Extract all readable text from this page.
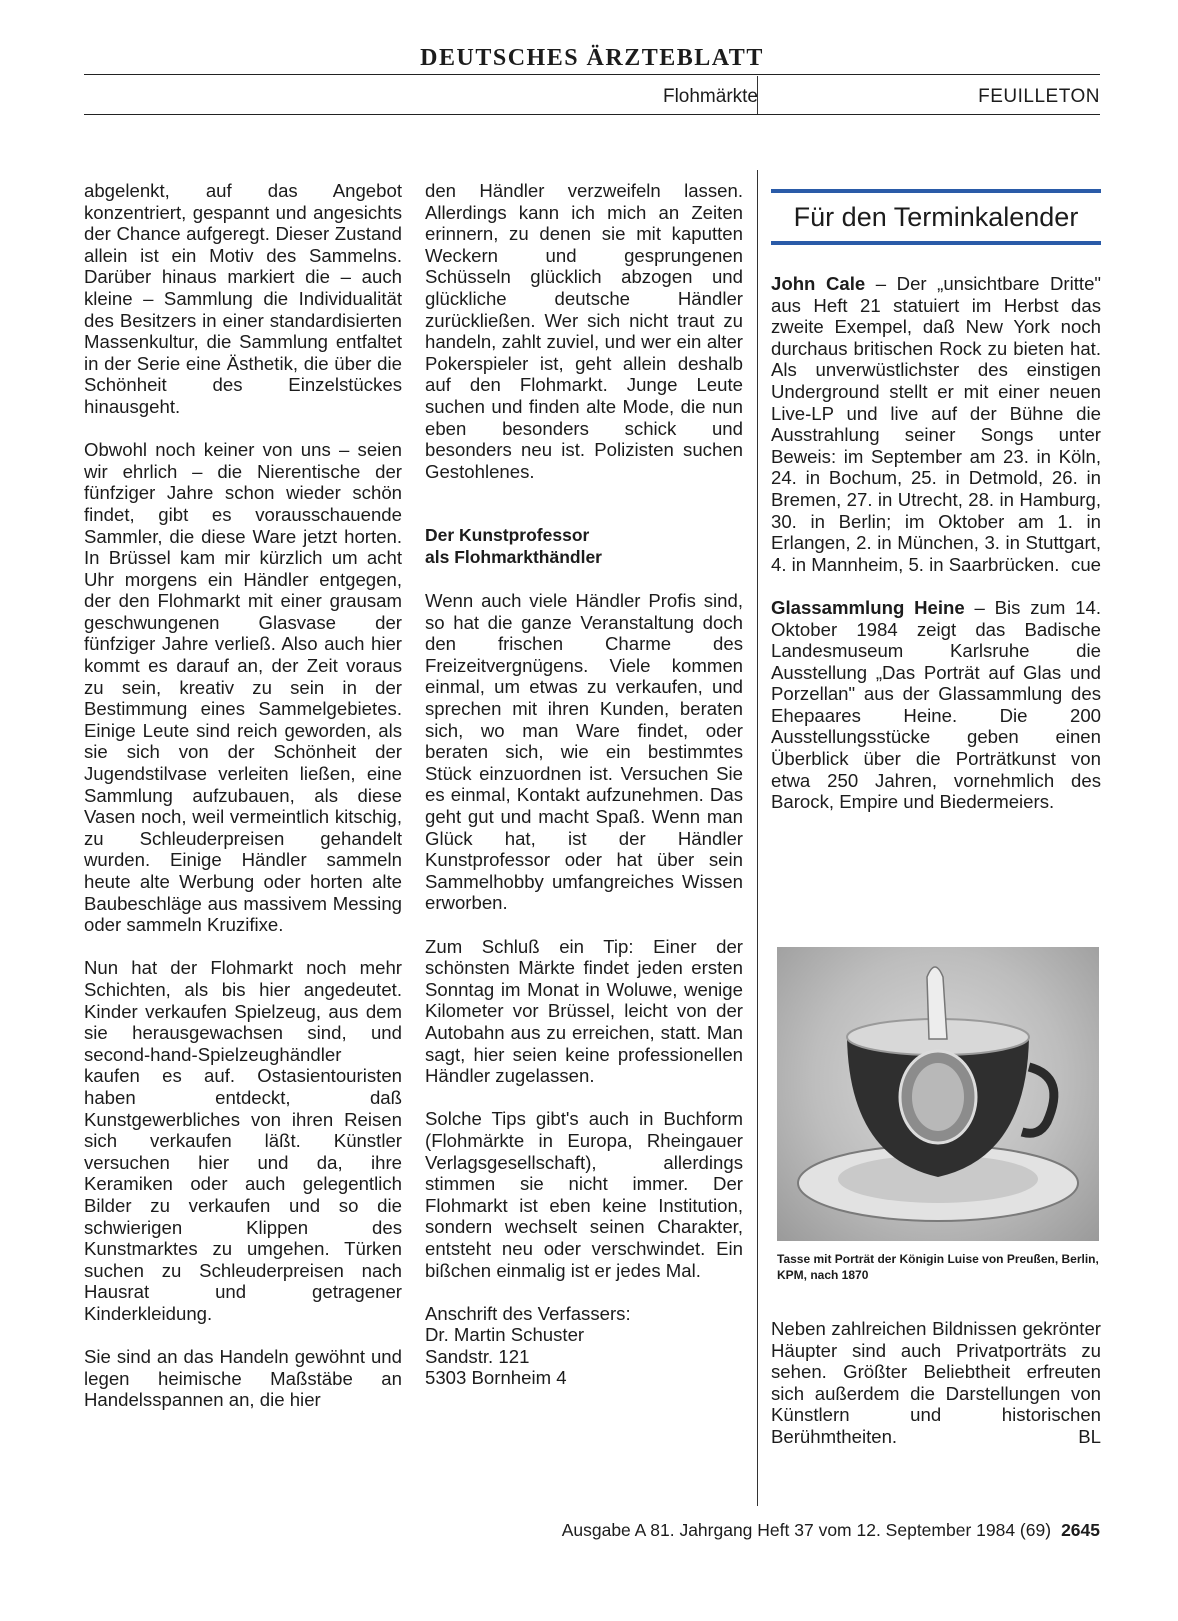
DEUTSCHES ÄRZTEBLATT
Flohmärkte	FEUILLETON

abgelenkt, auf das Angebot konzentriert, gespannt und angesichts der Chance aufgeregt. Dieser Zustand allein ist ein Motiv des Sammelns. Darüber hinaus markiert die – auch kleine – Sammlung die Individualität des Besitzers in einer standardisierten Massenkultur, die Sammlung entfaltet in der Serie eine Ästhetik, die über die Schönheit des Einzelstückes hinausgeht.

Obwohl noch keiner von uns – seien wir ehrlich – die Nierentische der fünfziger Jahre schon wieder schön findet, gibt es vorausschauende Sammler, die diese Ware jetzt horten. In Brüssel kam mir kürzlich um acht Uhr morgens ein Händler entgegen, der den Flohmarkt mit einer grausam geschwungenen Glasvase der fünfziger Jahre verließ. Also auch hier kommt es darauf an, der Zeit voraus zu sein, kreativ zu sein in der Bestimmung eines Sammelgebietes. Einige Leute sind reich geworden, als sie sich von der Schönheit der Jugendstilvase verleiten ließen, eine Sammlung aufzubauen, als diese Vasen noch, weil vermeintlich kitschig, zu Schleuderpreisen gehandelt wurden. Einige Händler sammeln heute alte Werbung oder horten alte Baubeschläge aus massivem Messing oder sammeln Kruzifixe.

Nun hat der Flohmarkt noch mehr Schichten, als bis hier angedeutet. Kinder verkaufen Spielzeug, aus dem sie herausgewachsen sind, und second-hand-Spielzeughändler kaufen es auf. Ostasientouristen haben entdeckt, daß Kunstgewerbliches von ihren Reisen sich verkaufen läßt. Künstler versuchen hier und da, ihre Keramiken oder auch gelegentlich Bilder zu verkaufen und so die schwierigen Klippen des Kunstmarktes zu umgehen. Türken suchen zu Schleuderpreisen nach Hausrat und getragener Kinderkleidung.

Sie sind an das Handeln gewöhnt und legen heimische Maßstäbe an Handelsspannen an, die hier

den Händler verzweifeln lassen. Allerdings kann ich mich an Zeiten erinnern, zu denen sie mit kaputten Weckern und gesprungenen Schüsseln glücklich abzogen und glückliche deutsche Händler zurückließen. Wer sich nicht traut zu handeln, zahlt zuviel, und wer ein alter Pokerspieler ist, geht allein deshalb auf den Flohmarkt. Junge Leute suchen und finden alte Mode, die nun eben besonders schick und besonders neu ist. Polizisten suchen Gestohlenes.

Der Kunstprofessor
als Flohmarkthändler

Wenn auch viele Händler Profis sind, so hat die ganze Veranstaltung doch den frischen Charme des Freizeitvergnügens. Viele kommen einmal, um etwas zu verkaufen, und sprechen mit ihren Kunden, beraten sich, wo man Ware findet, oder beraten sich, wie ein bestimmtes Stück einzuordnen ist. Versuchen Sie es einmal, Kontakt aufzunehmen. Das geht gut und macht Spaß. Wenn man Glück hat, ist der Händler Kunstprofessor oder hat über sein Sammelhobby umfangreiches Wissen erworben.

Zum Schluß ein Tip: Einer der schönsten Märkte findet jeden ersten Sonntag im Monat in Woluwe, wenige Kilometer vor Brüssel, leicht von der Autobahn aus zu erreichen, statt. Man sagt, hier seien keine professionellen Händler zugelassen.

Solche Tips gibt's auch in Buchform (Flohmärkte in Europa, Rheingauer Verlagsgesellschaft), allerdings stimmen sie nicht immer. Der Flohmarkt ist eben keine Institution, sondern wechselt seinen Charakter, entsteht neu oder verschwindet. Ein bißchen einmalig ist er jedes Mal.

Anschrift des Verfassers:
Dr. Martin Schuster
Sandstr. 121
5303 Bornheim 4
Für den Terminkalender

John Cale – Der „unsichtbare Dritte" aus Heft 21 statuiert im Herbst das zweite Exempel, daß New York noch durchaus britischen Rock zu bieten hat. Als unverwüstlichster des einstigen Underground stellt er mit einer neuen Live-LP und live auf der Bühne die Ausstrahlung seiner Songs unter Beweis: im September am 23. in Köln, 24. in Bochum, 25. in Detmold, 26. in Bremen, 27. in Utrecht, 28. in Hamburg, 30. in Berlin; im Oktober am 1. in Erlangen, 2. in München, 3. in Stuttgart, 4. in Mannheim, 5. in Saarbrücken. cue

Glassammlung Heine – Bis zum 14. Oktober 1984 zeigt das Badische Landesmuseum Karlsruhe die Ausstellung „Das Porträt auf Glas und Porzellan" aus der Glassammlung des Ehepaares Heine. Die 200 Ausstellungsstücke geben einen Überblick über die Porträtkunst von etwa 250 Jahren, vornehmlich des Barock, Empire und Biedermeiers.

Tasse mit Porträt der Königin Luise von Preußen, Berlin, KPM, nach 1870

Neben zahlreichen Bildnissen gekrönter Häupter sind auch Privatporträts zu sehen. Größter Beliebtheit erfreuten sich außerdem die Darstellungen von Künstlern und historischen Berühmtheiten.	BL

Ausgabe A 81. Jahrgang Heft 37 vom 12. September 1984 (69) 2645
